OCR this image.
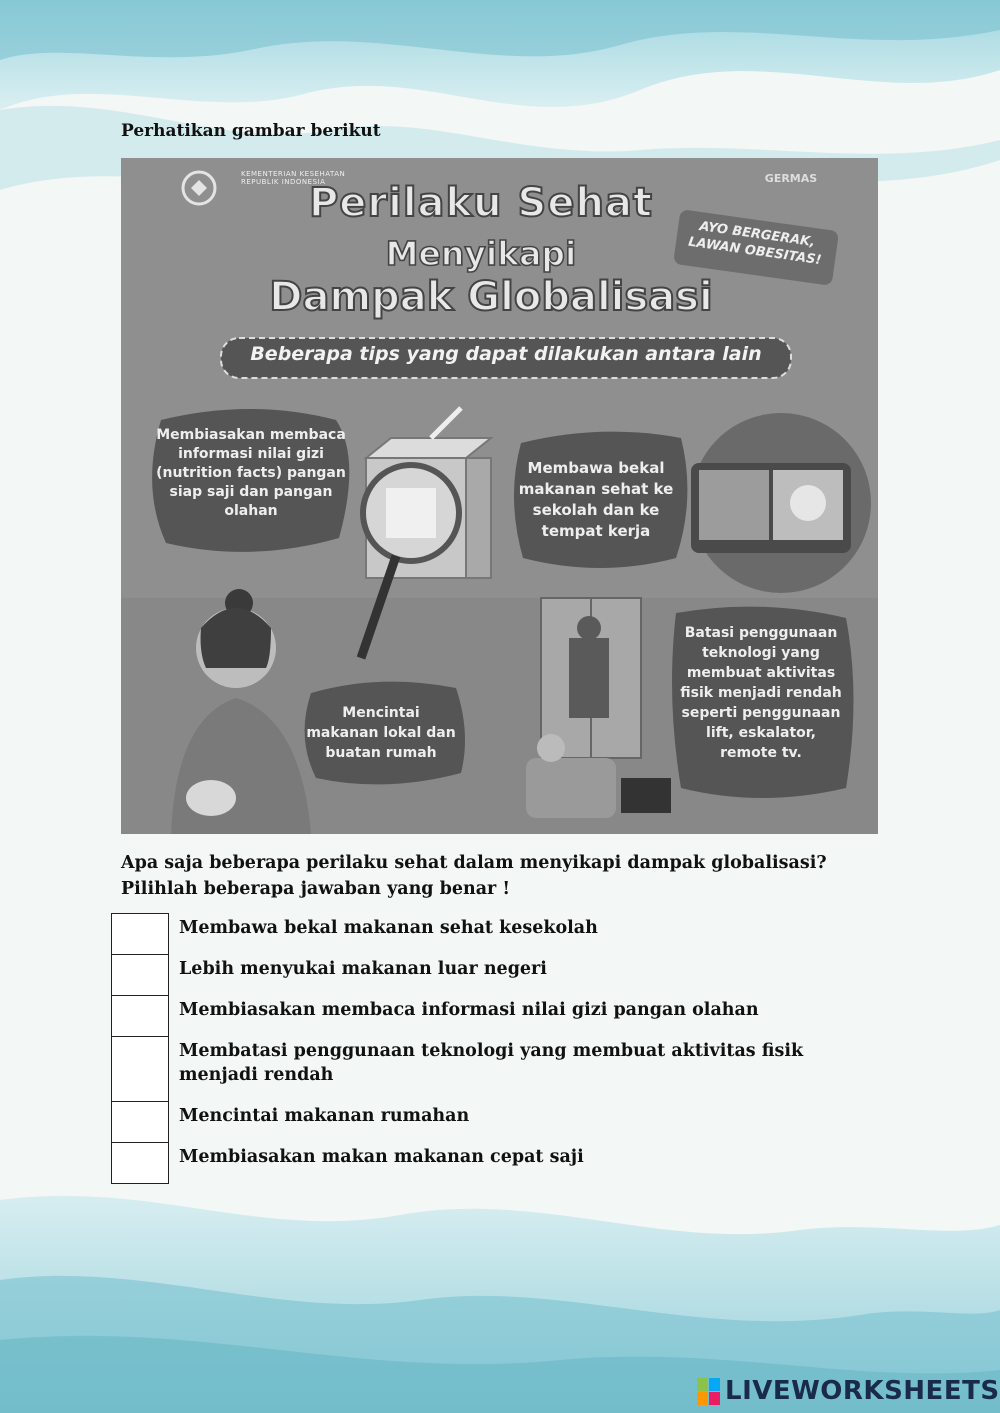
Perhatikan gambar berikut
KEMENTERIAN KESEHATAN REPUBLIK INDONESIA	GERMAS
Perilaku Sehat
Menyikapi
Dampak Globalisasi
AYO BERGERAK, LAWAN OBESITAS!
Beberapa tips yang dapat dilakukan antara lain
Membiasakan membaca informasi nilai gizi (nutrition facts) pangan siap saji dan pangan olahan
Membawa bekal makanan sehat ke sekolah dan ke tempat kerja
Mencintai makanan lokal dan buatan rumah
Batasi penggunaan teknologi yang membuat aktivitas fisik menjadi rendah seperti penggunaan lift, eskalator, remote tv.
Apa saja beberapa perilaku sehat dalam menyikapi dampak globalisasi? Pilihlah beberapa jawaban yang benar !

	Membawa bekal makanan sehat kesekolah

	Lebih menyukai makanan luar negeri

	Membiasakan membaca informasi nilai gizi pangan olahan

	Membatasi penggunaan teknologi yang membuat aktivitas fisik menjadi rendah

	Mencintai makanan rumahan

	Membiasakan makan makanan cepat saji
LIVEWORKSHEETS
